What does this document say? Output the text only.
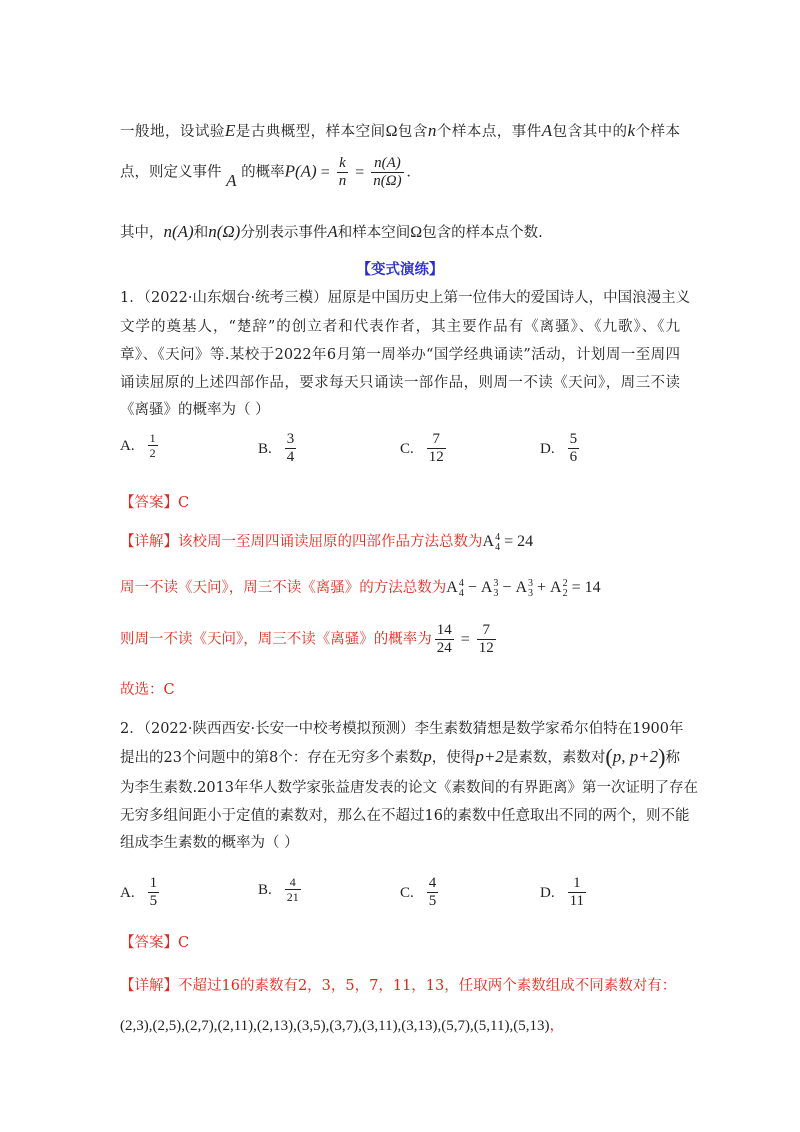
一般地，设试验E是古典概型，样本空间Ω包含n个样本点，事件A包含其中的k个样本
点，则定义事件 A 的概率$P(A) = \frac{k}{n} = \frac{n(A)}{n(\Omega)}$ .
其中，n(A)和n(Ω)分别表示事件A和样本空间Ω包含的样本点个数.
【变式演练】
1．（2022·山东烟台·统考三模）屈原是中国历史上第一位伟大的爱国诗人，中国浪漫主义
文学的奠基人，“楚辞”的创立者和代表作者，其主要作品有《离骚》、《九歌》、《九
章》、《天问》等.某校于2022年6月第一周举办“国学经典诵读”活动，计划周一至周四
诵读屈原的上述四部作品，要求每天只诵读一部作品，则周一不读《天问》，周三不读
《离骚》的概率为（ ）
A. $\frac{1}{2}$	B. $\frac{3}{4}$	C. $\frac{7}{12}$	D. $\frac{5}{6}$
【答案】C
【详解】该校周一至周四诵读屈原的四部作品方法总数为A 4
4 = 24
周一不读《天问》，周三不读《离骚》的方法总数为A 4
4 − A 3
3 − A 3
3 + A 2
2 = 14
则周一不读《天问》，周三不读《离骚》的概率为 $\frac{14}{24} = \frac{7}{12}$
故选：C
2．（2022·陕西西安·长安一中校考模拟预测）李生素数猜想是数学家希尔伯特在1900年
提出的23个问题中的第8个：存在无穷多个素数p，使得p+2是素数，素数对(p, p+2)称
为李生素数.2013年华人数学家张益唐发表的论文《素数间的有界距离》第一次证明了存在
无穷多组间距小于定值的素数对，那么在不超过16的素数中任意取出不同的两个，则不能
组成李生素数的概率为（ ）
A. $\frac{1}{5}$	B. $\frac{4}{21}$	C. $\frac{4}{5}$	D. $\frac{1}{11}$
【答案】C
【详解】不超过16的素数有2，3，5，7，11，13，任取两个素数组成不同素数对有：
(2,3),(2,5),(2,7),(2,11),(2,13),(3,5),(3,7),(3,11),(3,13),(5,7),(5,11),(5,13)，
